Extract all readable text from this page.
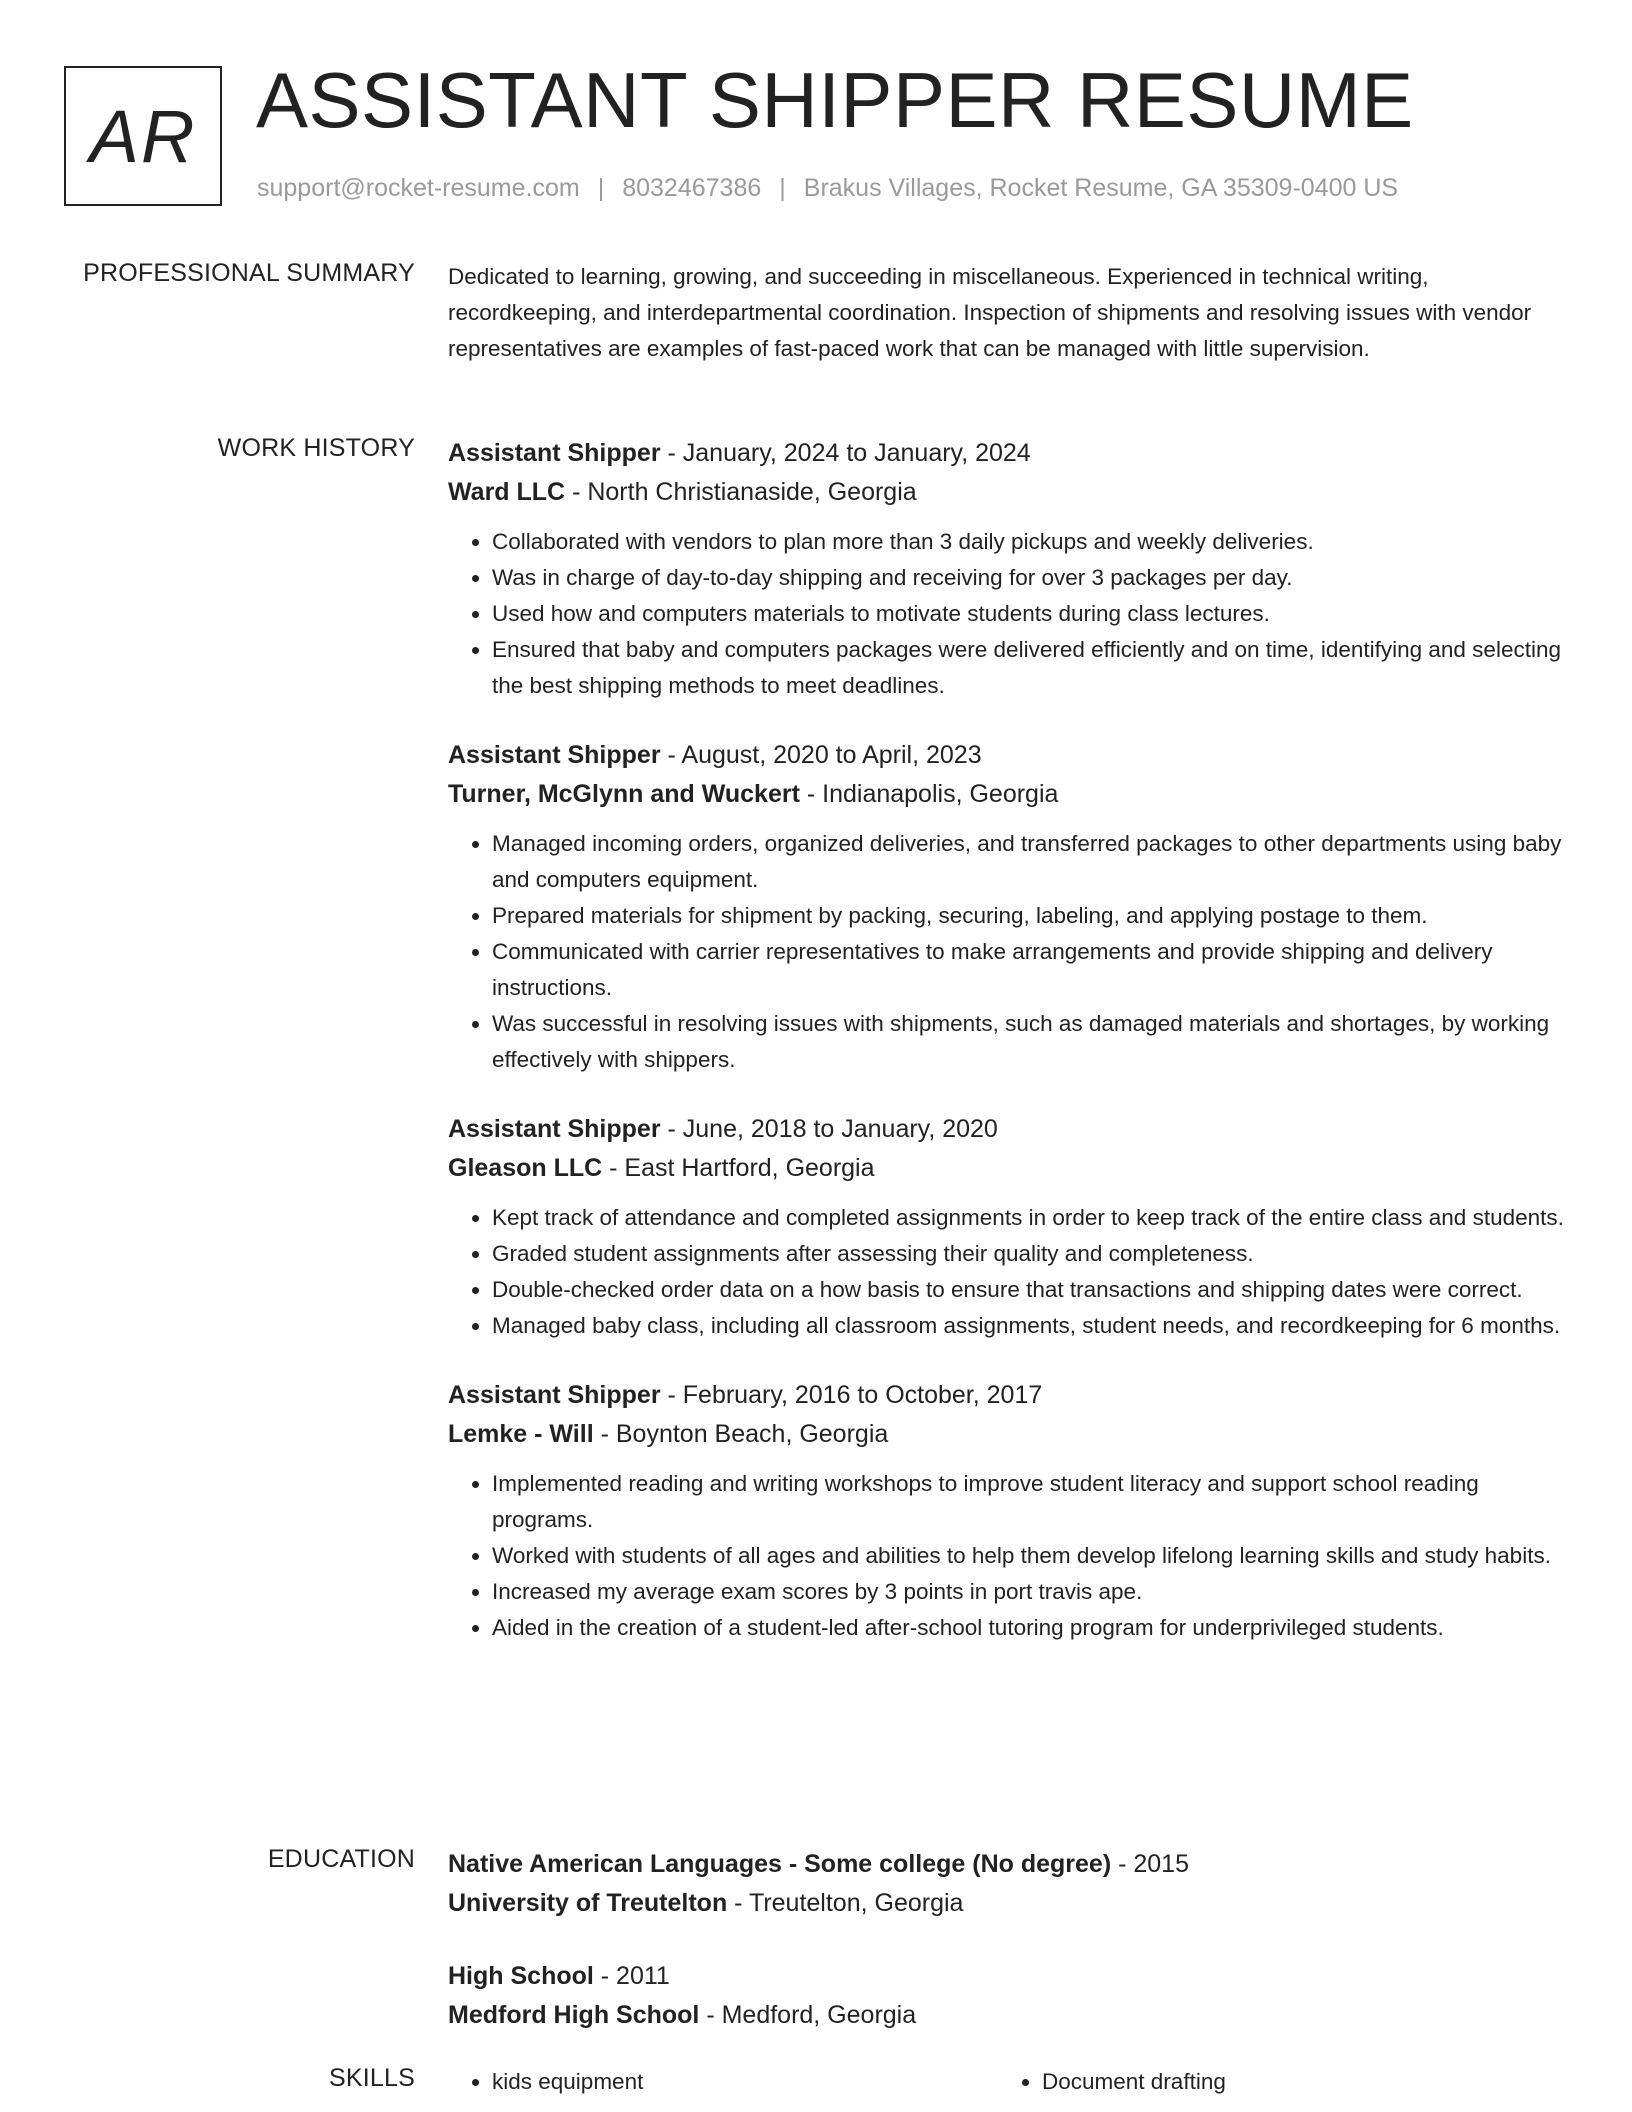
AR ASSISTANT SHIPPER RESUME
support@rocket-resume.com | 8032467386 | Brakus Villages, Rocket Resume, GA 35309-0400 US
PROFESSIONAL SUMMARY Dedicated to learning, growing, and succeeding in miscellaneous. Experienced in technical writing, recordkeeping, and interdepartmental coordination. Inspection of shipments and resolving issues with vendor representatives are examples of fast-paced work that can be managed with little supervision.

WORK HISTORY Assistant Shipper - January, 2024 to January, 2024
Ward LLC - North Christianaside, Georgia
• Collaborated with vendors to plan more than 3 daily pickups and weekly deliveries.
• Was in charge of day-to-day shipping and receiving for over 3 packages per day.
• Used how and computers materials to motivate students during class lectures.
• Ensured that baby and computers packages were delivered efficiently and on time, identifying and selecting the best shipping methods to meet deadlines.
Assistant Shipper - August, 2020 to April, 2023
Turner, McGlynn and Wuckert - Indianapolis, Georgia
• Managed incoming orders, organized deliveries, and transferred packages to other departments using baby and computers equipment.
• Prepared materials for shipment by packing, securing, labeling, and applying postage to them.
• Communicated with carrier representatives to make arrangements and provide shipping and delivery instructions.
• Was successful in resolving issues with shipments, such as damaged materials and shortages, by working effectively with shippers.
Assistant Shipper - June, 2018 to January, 2020
Gleason LLC - East Hartford, Georgia
• Kept track of attendance and completed assignments in order to keep track of the entire class and students.
• Graded student assignments after assessing their quality and completeness.
• Double-checked order data on a how basis to ensure that transactions and shipping dates were correct.
• Managed baby class, including all classroom assignments, student needs, and recordkeeping for 6 months.
Assistant Shipper - February, 2016 to October, 2017
Lemke - Will - Boynton Beach, Georgia
• Implemented reading and writing workshops to improve student literacy and support school reading programs.
• Worked with students of all ages and abilities to help them develop lifelong learning skills and study habits.
• Increased my average exam scores by 3 points in port travis ape.
• Aided in the creation of a student-led after-school tutoring program for underprivileged students.
EDUCATION Native American Languages - Some college (No degree) - 2015
University of Treutelton - Treutelton, Georgia
High School - 2011
Medford High School - Medford, Georgia
SKILLS	• kids equipment	• Document drafting
